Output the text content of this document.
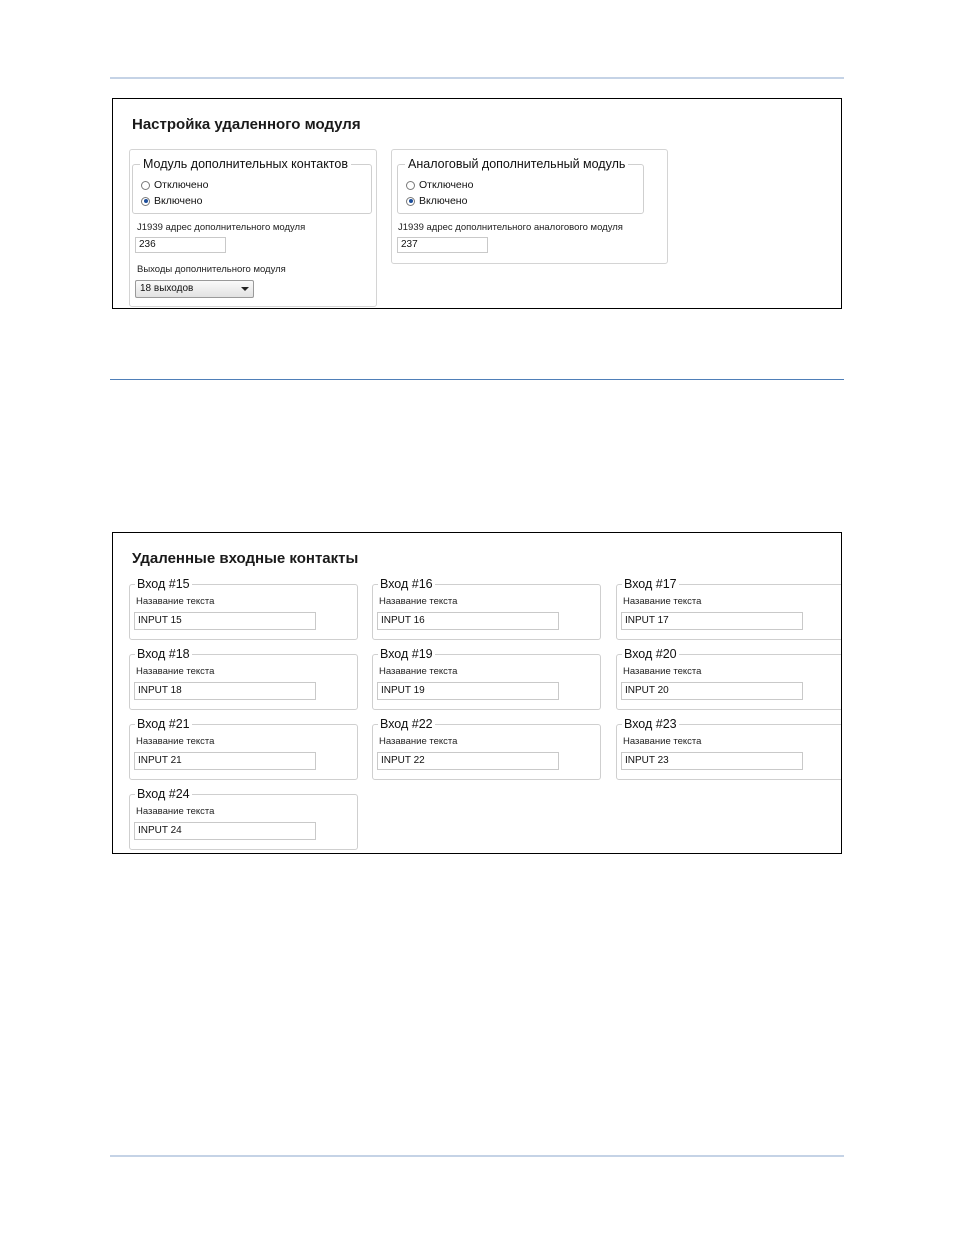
Настройка удаленного модуля
Модуль дополнительных контактов
Отключено
Включено
J1939 адрес дополнительного модуля
236
Выходы дополнительного модуля
18 выходов
Аналоговый дополнительный модуль
Отключено
Включено
J1939 адрес дополнительного аналогового модуля
237
Удаленные входные контакты
Вход #15
Назавание текста
INPUT 15
Вход #16
Назавание текста
INPUT 16
Вход #17
Назавание текста
INPUT 17
Вход #18
Назавание текста
INPUT 18
Вход #19
Назавание текста
INPUT 19
Вход #20
Назавание текста
INPUT 20
Вход #21
Назавание текста
INPUT 21
Вход #22
Назавание текста
INPUT 22
Вход #23
Назавание текста
INPUT 23
Вход #24
Назавание текста
INPUT 24
